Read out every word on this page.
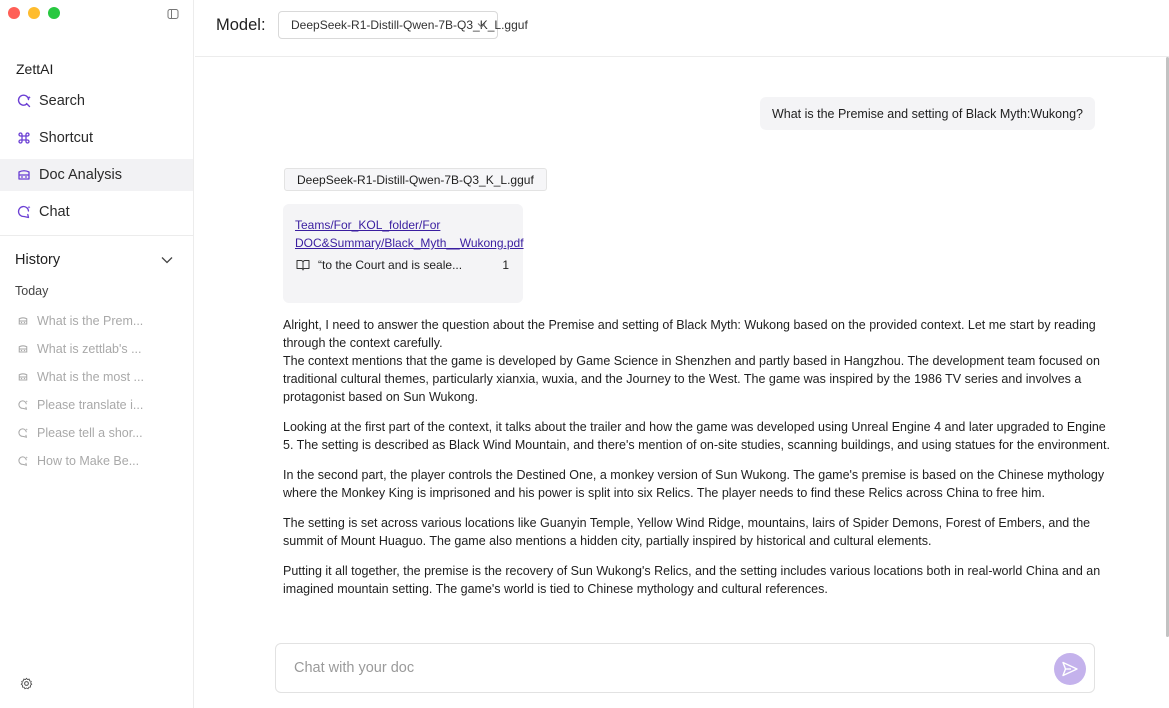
ZettAI
Search
Shortcut
Doc Analysis
Chat
History
Today
What is the Prem...
What is zettlab's ...
What is the most ...
Please translate i...
Please tell a shor...
How to Make Be...
Model: DeepSeek-R1-Distill-Qwen-7B-Q3_K_L.gguf
What is the Premise and setting of Black Myth:Wukong?
DeepSeek-R1-Distill-Qwen-7B-Q3_K_L.gguf
Teams/For_KOL_folder/For
DOC&Summary/Black_Myth__Wukong.pdf
“to the Court and is seale...	1

Alright, I need to answer the question about the Premise and setting of Black Myth: Wukong based on the provided context. Let me start by reading through the context carefully.

The context mentions that the game is developed by Game Science in Shenzhen and partly based in Hangzhou. The development team focused on traditional cultural themes, particularly xianxia, wuxia, and the Journey to the West. The game was inspired by the 1986 TV series and involves a protagonist based on Sun Wukong.

Looking at the first part of the context, it talks about the trailer and how the game was developed using Unreal Engine 4 and later upgraded to Engine 5. The setting is described as Black Wind Mountain, and there's mention of on-site studies, scanning buildings, and using statues for the environment.

In the second part, the player controls the Destined One, a monkey version of Sun Wukong. The game's premise is based on the Chinese mythology where the Monkey King is imprisoned and his power is split into six Relics. The player needs to find these Relics across China to free him.

The setting is set across various locations like Guanyin Temple, Yellow Wind Ridge, mountains, lairs of Spider Demons, Forest of Embers, and the summit of Mount Huaguo. The game also mentions a hidden city, partially inspired by historical and cultural elements.

Putting it all together, the premise is the recovery of Sun Wukong's Relics, and the setting includes various locations both in real-world China and an imagined mountain setting. The game's world is tied to Chinese mythology and cultural references.

Chat with your doc
